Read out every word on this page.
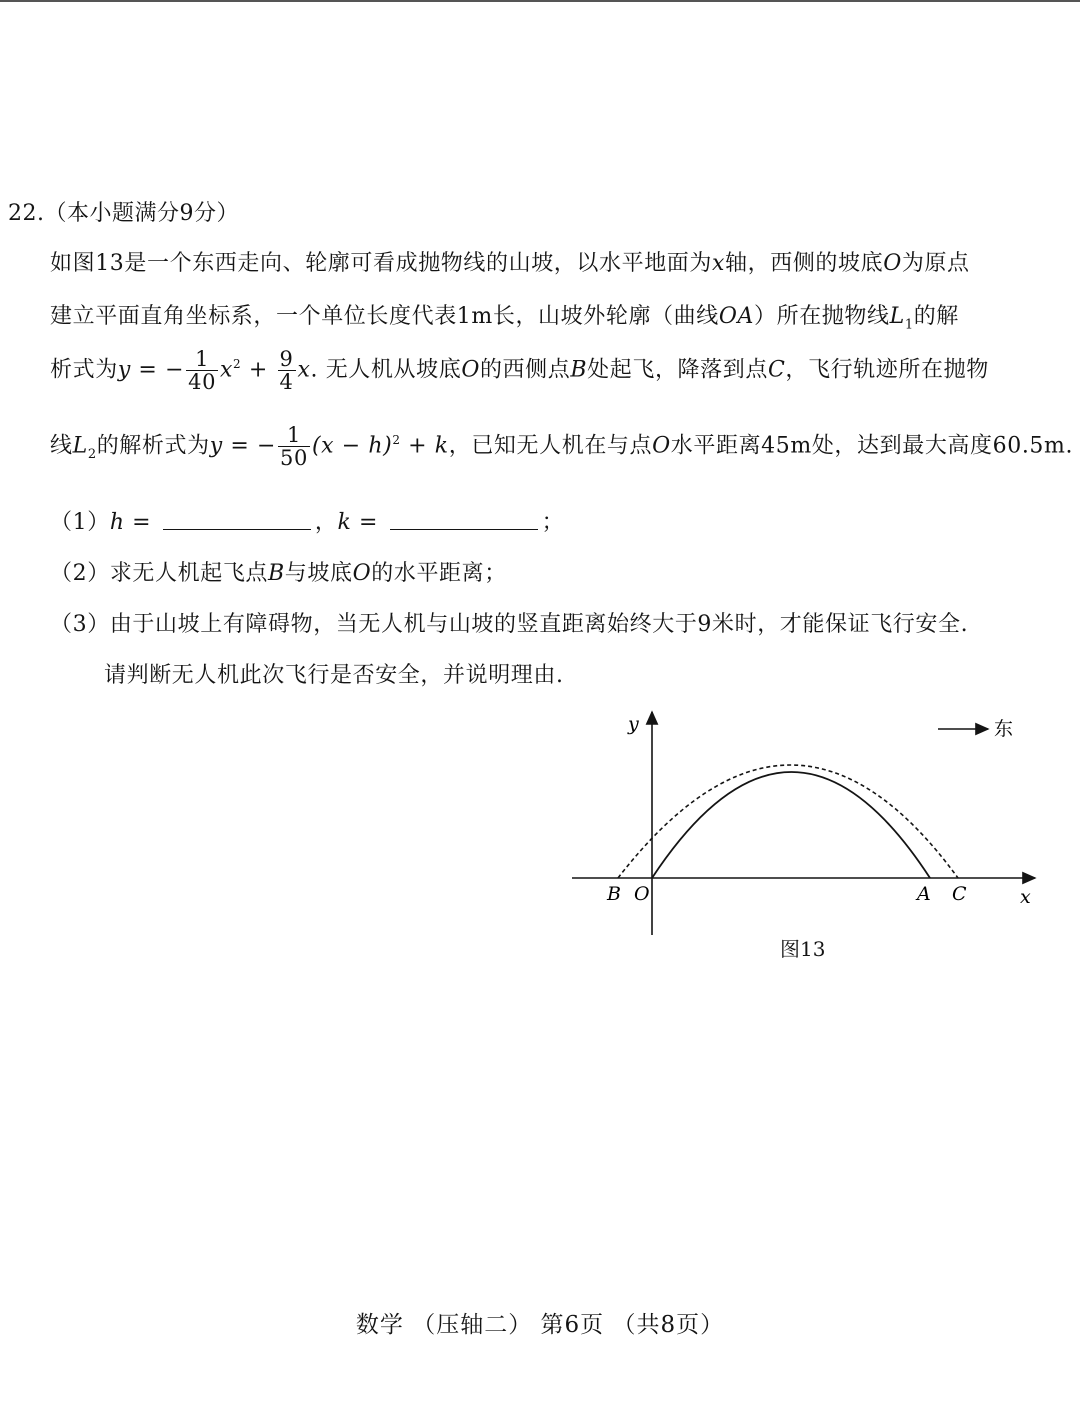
22.（本小题满分9分）
如图13是一个东西走向、轮廓可看成抛物线的山坡，以水平地面为x轴，西侧的坡底O为原点
建立平面直角坐标系，一个单位长度代表1m长，山坡外轮廓（曲线OA）所在抛物线$L_1$的解
析式为y = − $\frac{1}{40} x^2 + \frac{9}{4} x$. 无人机从坡底O的西侧点B处起飞，降落到点C，飞行轨迹所在抛物
线$L_2$的解析式为y = − $\frac{1}{50} (x - h)^2 + k$，已知无人机在与点O水平距离45m处，达到最大高度60.5m.
（1）h =	，k =	；
（2）求无人机起飞点B与坡底O的水平距离；
（3）由于山坡上有障碍物，当无人机与山坡的竖直距离始终大于9米时，才能保证飞行安全.
请判断无人机此次飞行是否安全，并说明理由.
东
y
x
B O	A C
图13
数学 （压轴二） 第6页 （共8页）
